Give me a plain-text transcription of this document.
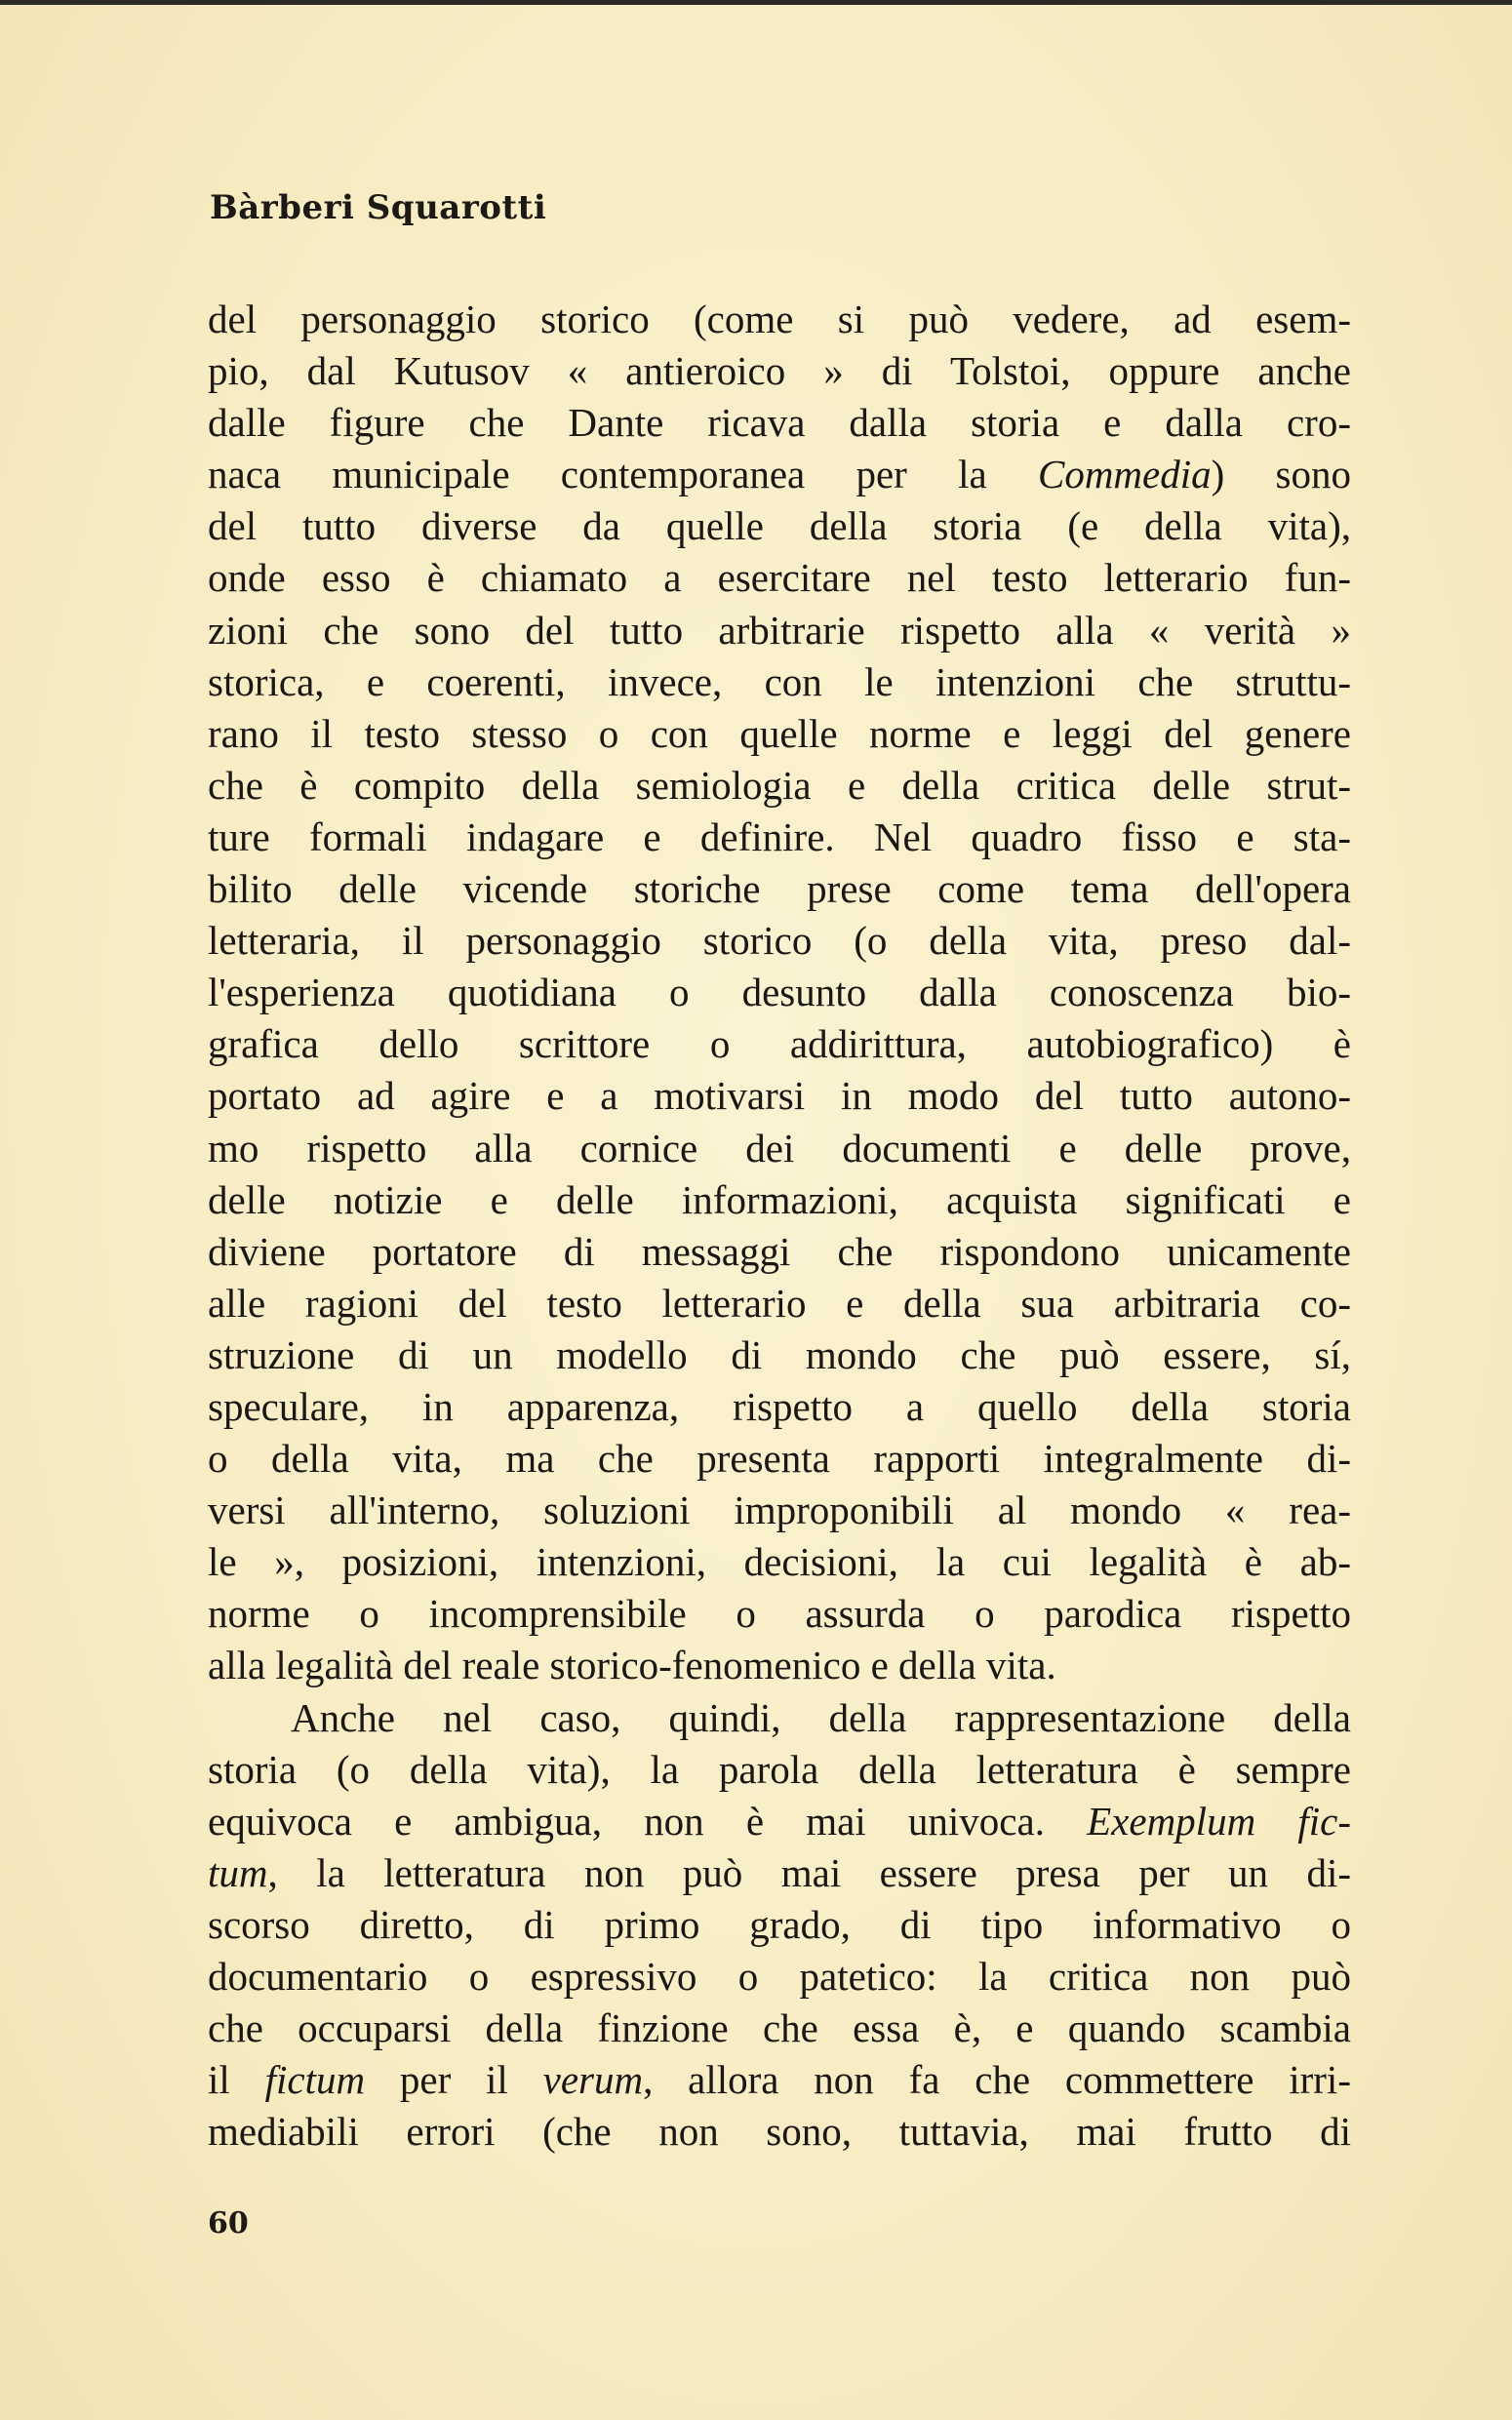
Bàrberi Squarotti
del personaggio storico (come si può vedere, ad esem-
pio, dal Kutusov « antieroico » di Tolstoi, oppure anche
dalle figure che Dante ricava dalla storia e dalla cro-
naca municipale contemporanea per la Commedia) sono
del tutto diverse da quelle della storia (e della vita),
onde esso è chiamato a esercitare nel testo letterario fun-
zioni che sono del tutto arbitrarie rispetto alla « verità »
storica, e coerenti, invece, con le intenzioni che struttu-
rano il testo stesso o con quelle norme e leggi del genere
che è compito della semiologia e della critica delle strut-
ture formali indagare e definire. Nel quadro fisso e sta-
bilito delle vicende storiche prese come tema dell'opera
letteraria, il personaggio storico (o della vita, preso dal-
l'esperienza quotidiana o desunto dalla conoscenza bio-
grafica dello scrittore o addirittura, autobiografico) è
portato ad agire e a motivarsi in modo del tutto autono-
mo rispetto alla cornice dei documenti e delle prove,
delle notizie e delle informazioni, acquista significati e
diviene portatore di messaggi che rispondono unicamente
alle ragioni del testo letterario e della sua arbitraria co-
struzione di un modello di mondo che può essere, sí,
speculare, in apparenza, rispetto a quello della storia
o della vita, ma che presenta rapporti integralmente di-
versi all'interno, soluzioni improponibili al mondo « rea-
le », posizioni, intenzioni, decisioni, la cui legalità è ab-
norme o incomprensibile o assurda o parodica rispetto
alla legalità del reale storico-fenomenico e della vita.
Anche nel caso, quindi, della rappresentazione della
storia (o della vita), la parola della letteratura è sempre
equivoca e ambigua, non è mai univoca. Exemplum fic-
tum, la letteratura non può mai essere presa per un di-
scorso diretto, di primo grado, di tipo informativo o
documentario o espressivo o patetico: la critica non può
che occuparsi della finzione che essa è, e quando scambia
il fictum per il verum, allora non fa che commettere irri-
mediabili errori (che non sono, tuttavia, mai frutto di
60
